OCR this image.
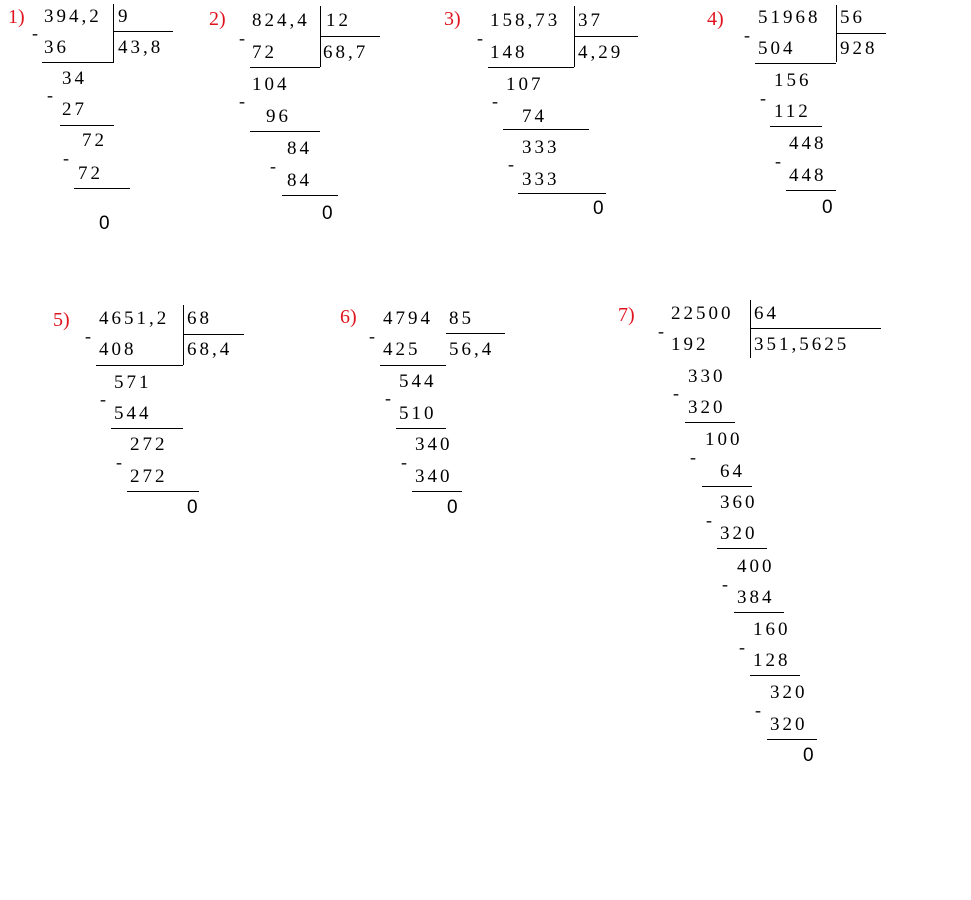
1) 394,2 9
43,8
-
36
34
-
27
72
-
72
0
2) 824,4 12
68,7
-
72
104
-
96
84
-
84
0
3) 158,73 37
4,29
-
148
107
-
74
333
-
333
0
4) 51968 56
928
-
504
156
-
112
448
-
448
0
5) 4651,2 68
68,4
-
408
571
-
544
272
-
272
0
6) 4794 85
56,4
-
425
544
-
510
340
-
340
0
7) 22500 64
351,5625
-
192
330
-
320
100
-
64
360
-
320
400
-
384
160
-
128
320
-
320
0
